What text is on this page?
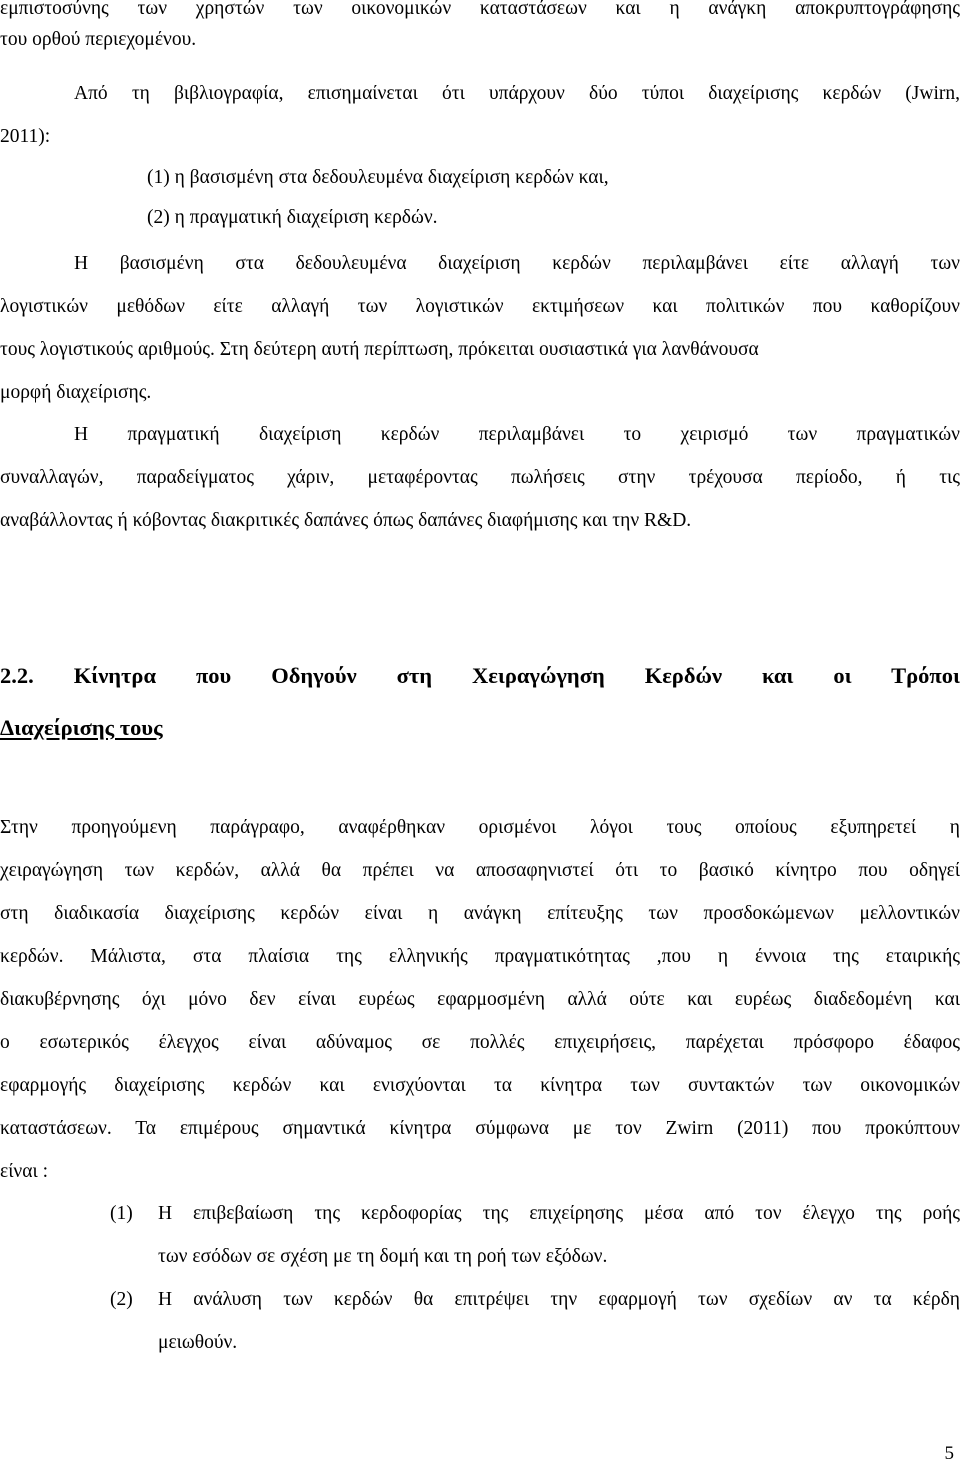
εμπιστοσύνης των χρηστών των οικονομικών καταστάσεων και η ανάγκη αποκρυπτογράφησης
του ορθού περιεχομένου.
Από τη βιβλιογραφία, επισημαίνεται ότι υπάρχουν δύο τύποι διαχείρισης κερδών (Jwirn,
2011):
(1) η βασισμένη στα δεδουλευμένα διαχείριση κερδών και,
(2) η πραγματική διαχείριση κερδών.
Η βασισμένη στα δεδουλευμένα διαχείριση κερδών περιλαμβάνει είτε αλλαγή των
λογιστικών μεθόδων είτε αλλαγή των λογιστικών εκτιμήσεων και πολιτικών που καθορίζουν
τους λογιστικούς αριθμούς. Στη δεύτερη αυτή περίπτωση, πρόκειται ουσιαστικά για λανθάνουσα
μορφή διαχείρισης.
Η πραγματική διαχείριση κερδών περιλαμβάνει το χειρισμό των πραγματικών
συναλλαγών, παραδείγματος χάριν, μεταφέροντας πωλήσεις στην τρέχουσα περίοδο, ή τις
αναβάλλοντας ή κόβοντας διακριτικές δαπάνες όπως δαπάνες διαφήμισης και την R&D.
2.2. Κίνητρα που Οδηγούν στη Χειραγώγηση Κερδών και οι Τρόποι
Διαχείρισης τους
Στην προηγούμενη παράγραφο, αναφέρθηκαν ορισμένοι λόγοι τους οποίους εξυπηρετεί η
χειραγώγηση των κερδών, αλλά θα πρέπει να αποσαφηνιστεί ότι το βασικό κίνητρο που οδηγεί
στη διαδικασία διαχείρισης κερδών είναι η ανάγκη επίτευξης των προσδοκώμενων μελλοντικών
κερδών. Μάλιστα, στα πλαίσια της ελληνικής πραγματικότητας ,που η έννοια της εταιρικής
διακυβέρνησης όχι μόνο δεν είναι ευρέως εφαρμοσμένη αλλά ούτε και ευρέως διαδεδομένη και
ο εσωτερικός έλεγχος είναι αδύναμος σε πολλές επιχειρήσεις, παρέχεται πρόσφορο έδαφος
εφαρμογής διαχείρισης κερδών και ενισχύονται τα κίνητρα των συντακτών των οικονομικών
καταστάσεων. Τα επιμέρους σημαντικά κίνητρα σύμφωνα με τον Zwirn (2011) που προκύπτουν
είναι :
(1) Η επιβεβαίωση της κερδοφορίας της επιχείρησης μέσα από τον έλεγχο της ροής
των εσόδων σε σχέση με τη δομή και τη ροή των εξόδων.
(2) Η ανάλυση των κερδών θα επιτρέψει την εφαρμογή των σχεδίων αν τα κέρδη
μειωθούν.
5
